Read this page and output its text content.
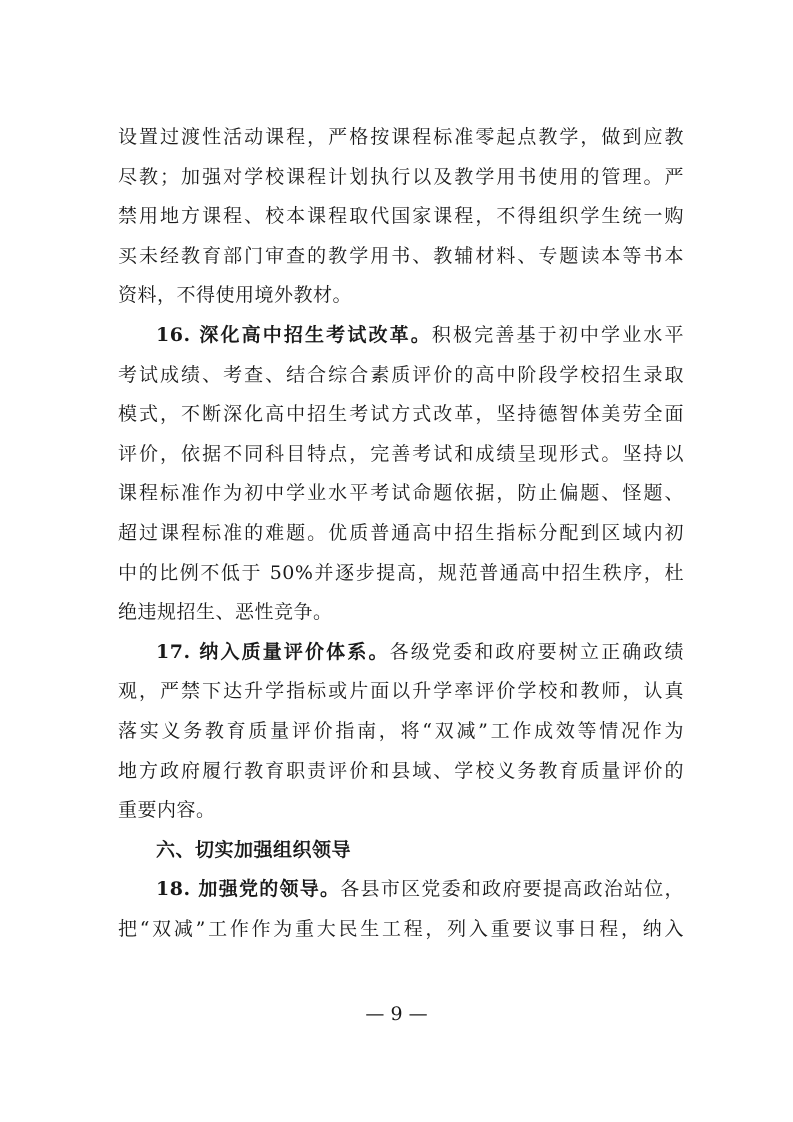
设置过渡性活动课程，严格按课程标准零起点教学，做到应教
尽教；加强对学校课程计划执行以及教学用书使用的管理。严
禁用地方课程、校本课程取代国家课程，不得组织学生统一购
买未经教育部门审查的教学用书、教辅材料、专题读本等书本
资料，不得使用境外教材。
16. 深化高中招生考试改革。积极完善基于初中学业水平
考试成绩、考查、结合综合素质评价的高中阶段学校招生录取
模式，不断深化高中招生考试方式改革，坚持德智体美劳全面
评价，依据不同科目特点，完善考试和成绩呈现形式。坚持以
课程标准作为初中学业水平考试命题依据，防止偏题、怪题、
超过课程标准的难题。优质普通高中招生指标分配到区域内初
中的比例不低于 50%并逐步提高，规范普通高中招生秩序，杜
绝违规招生、恶性竞争。
17. 纳入质量评价体系。各级党委和政府要树立正确政绩
观，严禁下达升学指标或片面以升学率评价学校和教师，认真
落实义务教育质量评价指南，将“双减”工作成效等情况作为
地方政府履行教育职责评价和县域、学校义务教育质量评价的
重要内容。
六、切实加强组织领导
18. 加强党的领导。各县市区党委和政府要提高政治站位，
把“双减”工作作为重大民生工程，列入重要议事日程，纳入
— 9 —
